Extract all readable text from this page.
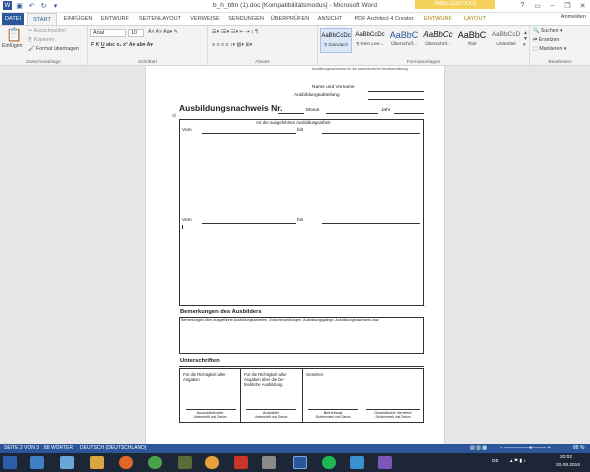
W ▣ ↶ ↻	▾	b_h_bfm (1).doc [Kompatibilitätsmodus] - Microsoft Word	TABELLENTOOLS	?	▭	–	❐	✕
DATEI	START	EINFÜGEN	ENTWURF	SEITENLAYOUT	VERWEISE	SENDUNGEN	ÜBERPRÜFEN	ANSICHT	PDF Architect 4 Creator	ENTWURF	LAYOUT	Anmelden
📋
Einfügen
✂ Ausschneiden
⎘ Kopieren
🖌 Format übertragen
Zwischenablage
Arial	10	A˄ A˅ Aa▾ ✎
F K U abc x₂ x² A▾ ab▾ A▾
Schriftart
☰▾ ⁞☰▾ ☷▾ ⇤ ⇥ ↕ ¶
≡ ≡ ≡ ≡ ↕▾ ▨▾ ⊞▾
Absatz
AaBbCcDc
¶ Standard
AaBbCcDc
¶ Kein Lee...
AaBbC
Überschrif...
AaBbCc
Überschrif...
AaBbC
Titel
AaBbCcD
Untertitel
▲
▼
▾
Formatvorlagen
🔍 Suchen ▾
⇄ Ersetzen
⬚ Markieren ▾
Bearbeiten
Ausbildungsnachweise für die kaufmännische Berufsausbildung
Name und Vorname
Ausbildungsabteilung
Ausbildungsnachweis Nr.	Monat	Jahr
⊞
Art der ausgeführten Ausbildungsarbeit
Vom	bis
Vom	bis
▫
Bemerkungen des Ausbilders
Bemerkungen über ausgeführte Ausbildungsarbeiten, Zwischenprüfungen, Ausbildungsgänge, Ausbildungsnachweis usw.
Unterschriften
Für die Richtigkeit aller Angaben
Für die Richtigkeit aller Angaben über die be-triebliche Ausbildung
Gesehen:
Auszubildender
Unterschrift und Datum
Ausbilder
Unterschrift und Datum
Betriebsrat
Sichtvermerk und Datum
Gesetzlicher Vertreter
Sichtvermerk und Datum
SEITE 2 VON 3 88 WÖRTER DEUTSCH (DEUTSCHLAND)	▤ ▥ ▦	− ───────●──── +	88 %
DE ▴ ⚑ ▮ ♪
20:02
20.08.2016
